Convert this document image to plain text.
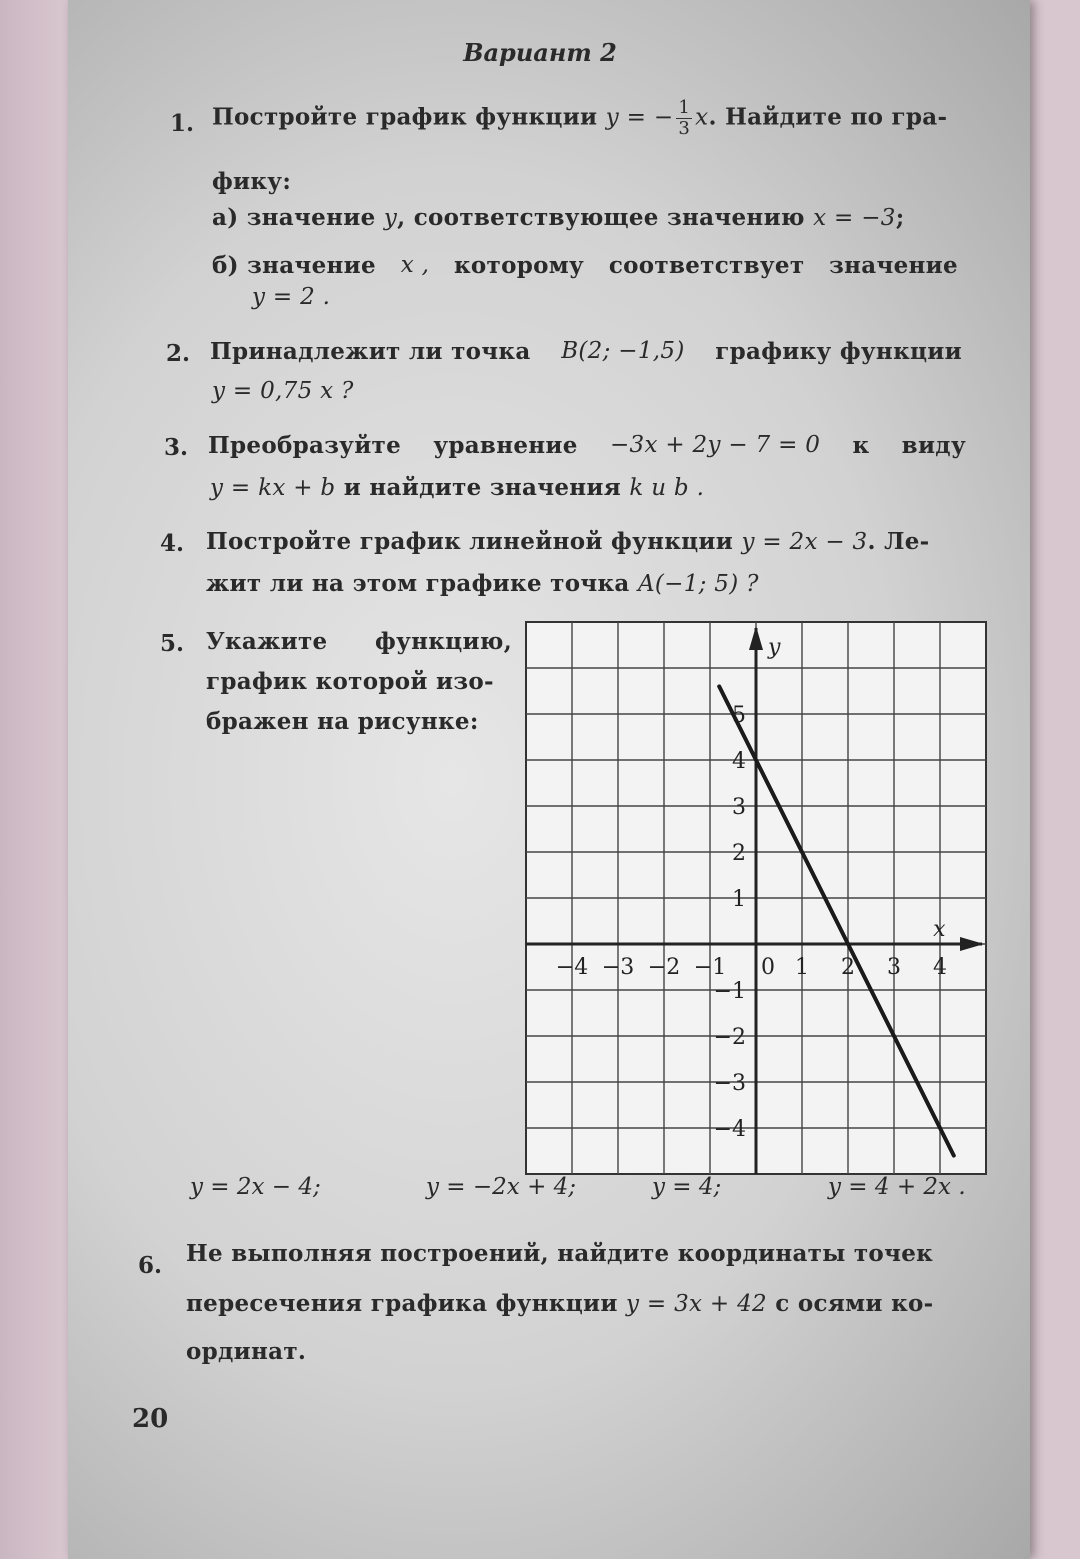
Вариант 2
1. Постройте график функции y = − $\frac{1}{3} x$. Найдите по гра-
фику:
а) значение y, соответствующее значению x = −3;
б) значение x , которому соответствует значение
y = 2 .
2. Принадлежит ли точка B(2; −1,5) графику функции
y = 0,75 x ?
3. Преобразуйте уравнение −3x + 2y − 7 = 0 к виду
y = kx + b и найдите значения k и b .
4. Постройте график линейной функции y = 2x − 3. Ле-
жит ли на этом графике точка A(−1; 5) ?
5. Укажите функцию,
график которой изо-
бражен на рисунке:
x
y
−4 −3 −2 −1 0 1 2 3 4
5
4
3
2
1
−1
−2
−3
−4
y = 2x − 4;	y = −2x + 4;	y = 4;	y = 4 + 2x .
6. Не выполняя построений, найдите координаты точек
пересечения графика функции y = 3x + 42 с осями ко-
ординат.
20
